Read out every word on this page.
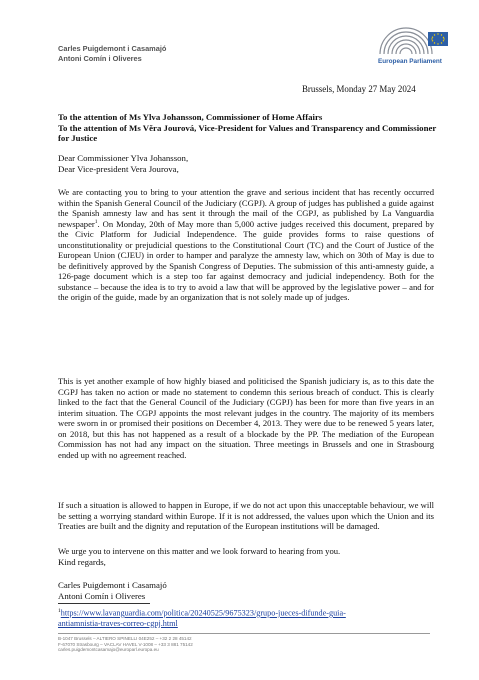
Carles Puigdemont i Casamajó
Antoni Comín i Oliveres	European Parliament
Brussels, Monday 27 May 2024
To the attention of Ms Ylva Johansson, Commissioner of Home Affairs
To the attention of Ms Věra Jourová, Vice-President for Values and Transparency and Commissioner for Justice
Dear Commissioner Ylva Johansson,
Dear Vice-president Vera Jourova,
We are contacting you to bring to your attention the grave and serious incident that has recently occurred within the Spanish General Council of the Judiciary (CGPJ). A group of judges has published a guide against the Spanish amnesty law and has sent it through the mail of the CGPJ, as published by La Vanguardia newspaper$^1$. On Monday, 20th of May more than 5,000 active judges received this document, prepared by the Civic Platform for Judicial Independence. The guide provides forms to raise questions of unconstitutionality or prejudicial questions to the Constitutional Court (TC) and the Court of Justice of the European Union (CJEU) in order to hamper and paralyze the amnesty law, which on 30th of May is due to be definitively approved by the Spanish Congress of Deputies. The submission of this anti-amnesty guide, a 126-page document which is a step too far against democracy and judicial independency. Both for the substance – because the idea is to try to avoid a law that will be approved by the legislative power – and for the origin of the guide, made by an organization that is not solely made up of judges.
This is yet another example of how highly biased and politicised the Spanish judiciary is, as to this date the CGPJ has taken no action or made no statement to condemn this serious breach of conduct. This is clearly linked to the fact that the General Council of the Judiciary (CGPJ) has been for more than five years in an interim situation. The CGPJ appoints the most relevant judges in the country. The majority of its members were sworn in or promised their positions on December 4, 2013. They were due to be renewed 5 years later, on 2018, but this has not happened as a result of a blockade by the PP. The mediation of the European Commission has not had any impact on the situation. Three meetings in Brussels and one in Strasbourg ended up with no agreement reached.
If such a situation is allowed to happen in Europe, if we do not act upon this unacceptable behaviour, we will be setting a worrying standard within Europe. If it is not addressed, the values upon which the Union and its Treaties are built and the dignity and reputation of the European institutions will be damaged.
We urge you to intervene on this matter and we look forward to hearing from you.
Kind regards,
Carles Puigdemont i Casamajó
Antoni Comín i Oliveres
$^1$https://www.lavanguardia.com/politica/20240525/9675323/grupo-jueces-difunde-guia-
antiamnistia-traves-correo-cgpj.html
B-1047 Brussels – ALTIERO SPINELLI 04E252 – +32 2 28 45142
F-67070 Strasbourg – VACLAV HAVEL V-1008 – +33 3 881 75142
carles.puigdemontcasamajo@europarl.europa.eu
